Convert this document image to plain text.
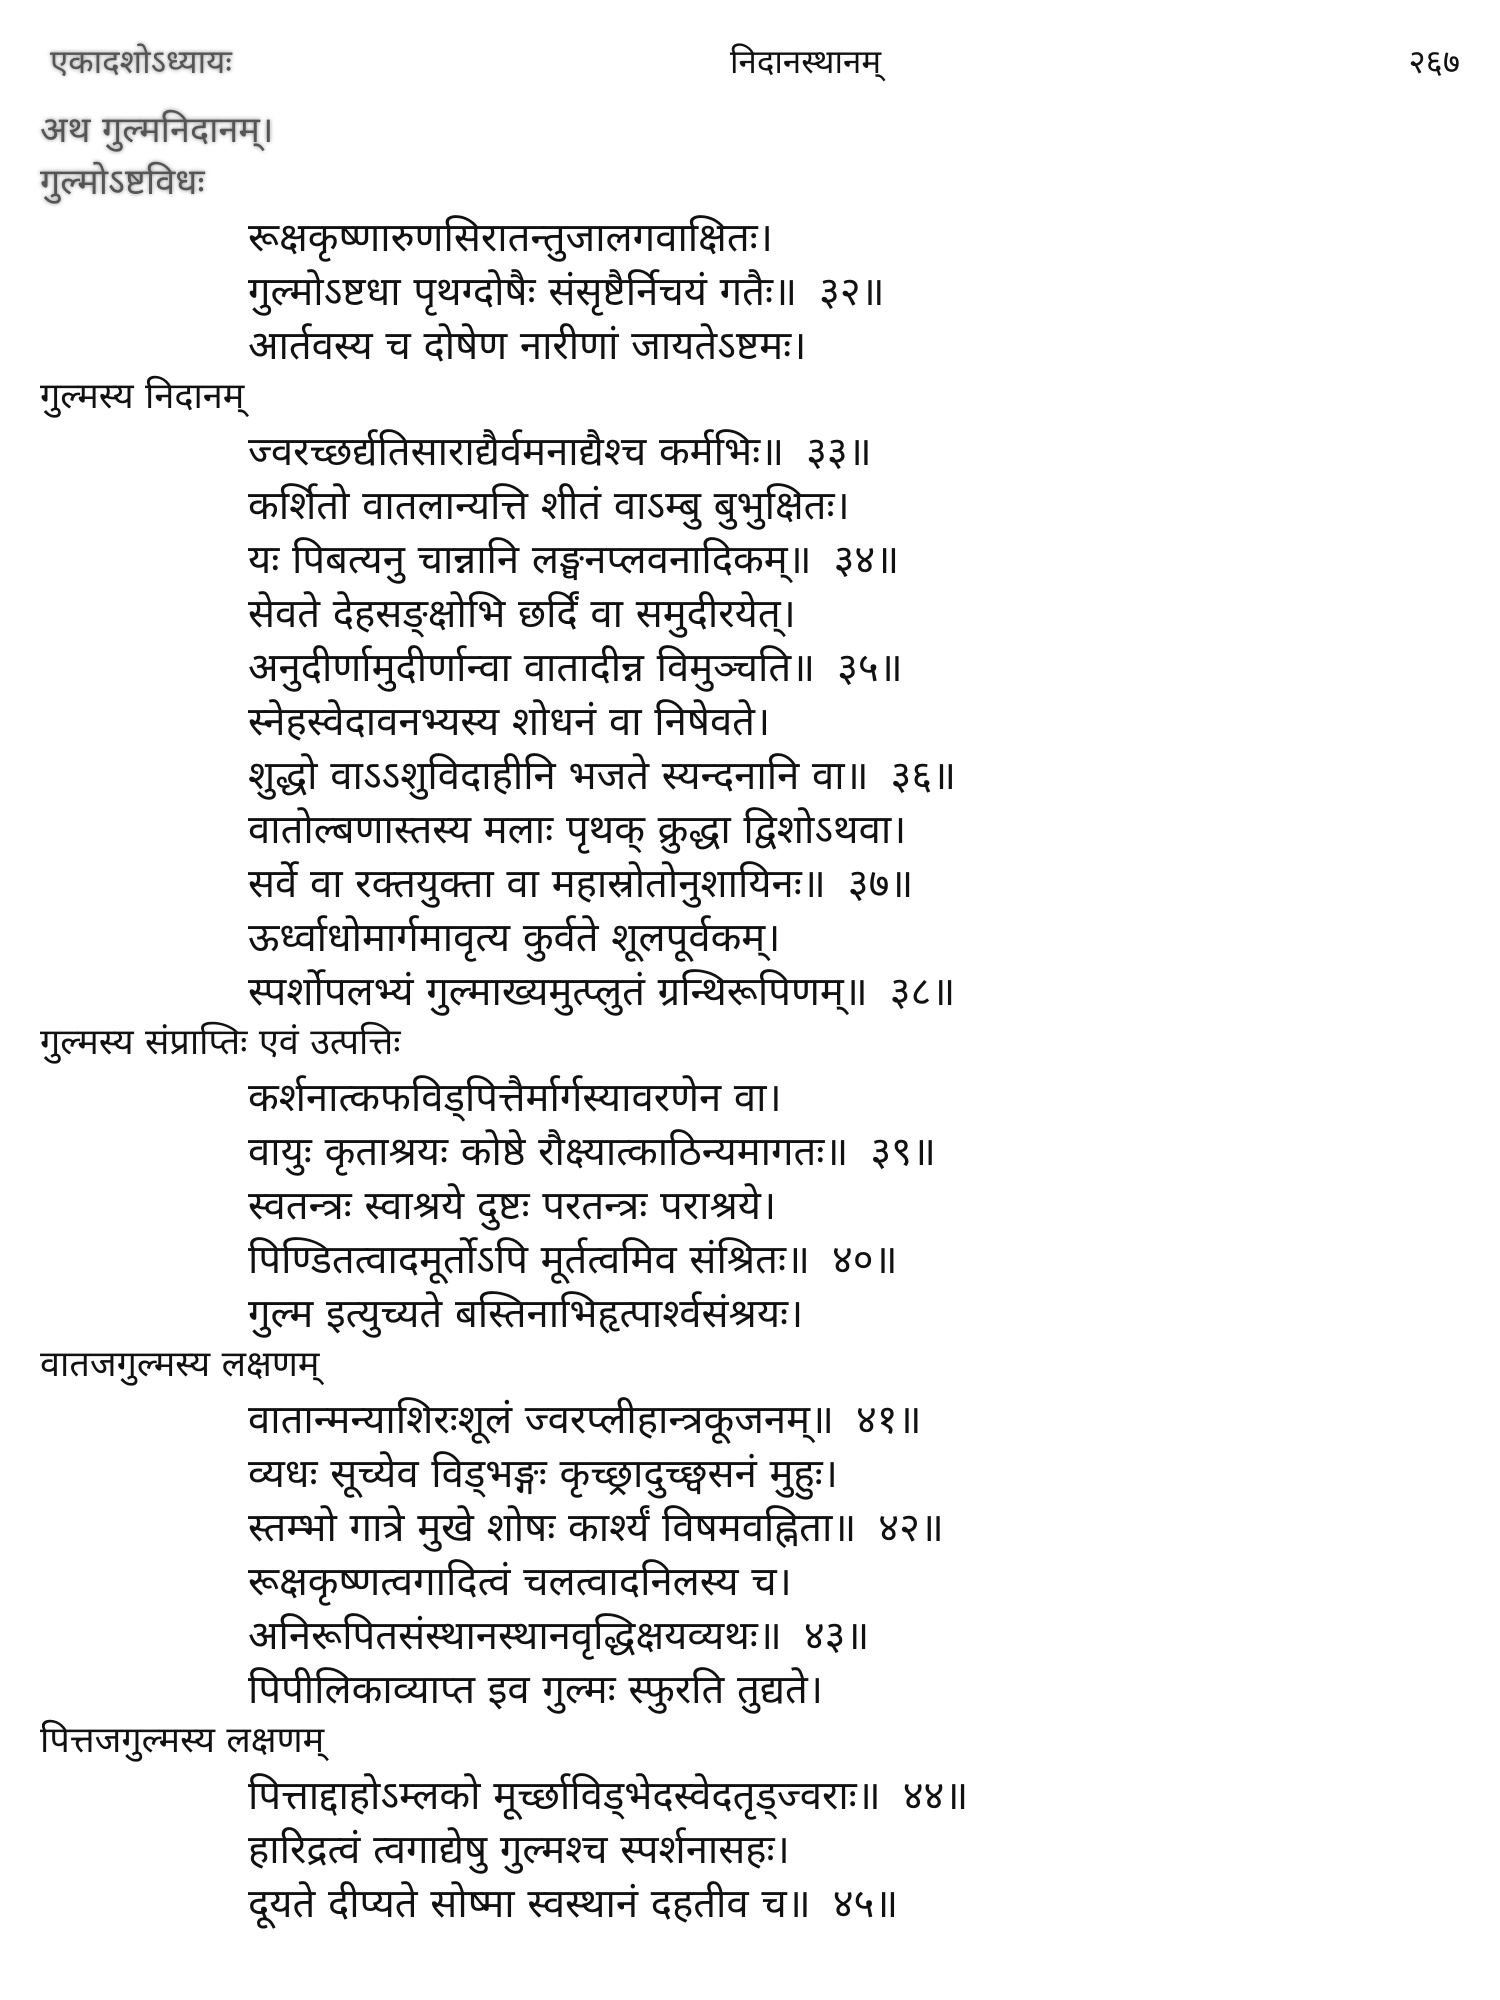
एकादशोऽध्यायः	निदानस्थानम्	२६७
अथ गुल्मनिदानम्।
गुल्मोऽष्टविधः
रूक्षकृष्णारुणसिरातन्तुजालगवाक्षितः।
गुल्मोऽष्टधा पृथग्दोषैः संसृष्टैर्निचयं गतैः॥ ३२॥
आर्तवस्य च दोषेण नारीणां जायतेऽष्टमः।
गुल्मस्य निदानम्
ज्वरच्छर्द्यतिसाराद्यैर्वमनाद्यैश्च कर्मभिः॥ ३३॥
कर्शितो वातलान्यत्ति शीतं वाऽम्बु बुभुक्षितः।
यः पिबत्यनु चान्नानि लङ्घनप्लवनादिकम्॥ ३४॥
सेवते देहसङ्क्षोभि छर्दिं वा समुदीरयेत्।
अनुदीर्णामुदीर्णान्वा वातादीन्न विमुञ्चति॥ ३५॥
स्नेहस्वेदावनभ्यस्य शोधनं वा निषेवते।
शुद्धो वाऽऽशुविदाहीनि भजते स्यन्दनानि वा॥ ३६॥
वातोल्बणास्तस्य मलाः पृथक् क्रुद्धा द्विशोऽथवा।
सर्वे वा रक्तयुक्ता वा महास्रोतोनुशायिनः॥ ३७॥
ऊर्ध्वाधोमार्गमावृत्य कुर्वते शूलपूर्वकम्।
स्पर्शोपलभ्यं गुल्माख्यमुत्प्लुतं ग्रन्थिरूपिणम्॥ ३८॥
गुल्मस्य संप्राप्तिः एवं उत्पत्तिः
कर्शनात्कफविड्पित्तैर्मार्गस्यावरणेन वा।
वायुः कृताश्रयः कोष्ठे रौक्ष्यात्काठिन्यमागतः॥ ३९॥
स्वतन्त्रः स्वाश्रये दुष्टः परतन्त्रः पराश्रये।
पिण्डितत्वादमूर्तोऽपि मूर्तत्वमिव संश्रितः॥ ४०॥
गुल्म इत्युच्यते बस्तिनाभिहृत्पार्श्वसंश्रयः।
वातजगुल्मस्य लक्षणम्
वातान्मन्याशिरःशूलं ज्वरप्लीहान्त्रकूजनम्॥ ४१॥
व्यधः सूच्येव विड्भङ्गः कृच्छ्रादुच्छ्वसनं मुहुः।
स्तम्भो गात्रे मुखे शोषः कार्श्यं विषमवह्निता॥ ४२॥
रूक्षकृष्णत्वगादित्वं चलत्वादनिलस्य च।
अनिरूपितसंस्थानस्थानवृद्धिक्षयव्यथः॥ ४३॥
पिपीलिकाव्याप्त इव गुल्मः स्फुरति तुद्यते।
पित्तजगुल्मस्य लक्षणम्
पित्ताद्दाहोऽम्लको मूर्च्छाविड्भेदस्वेदतृड्ज्वराः॥ ४४॥
हारिद्रत्वं त्वगाद्येषु गुल्मश्च स्पर्शनासहः।
दूयते दीप्यते सोष्मा स्वस्थानं दहतीव च॥ ४५॥
